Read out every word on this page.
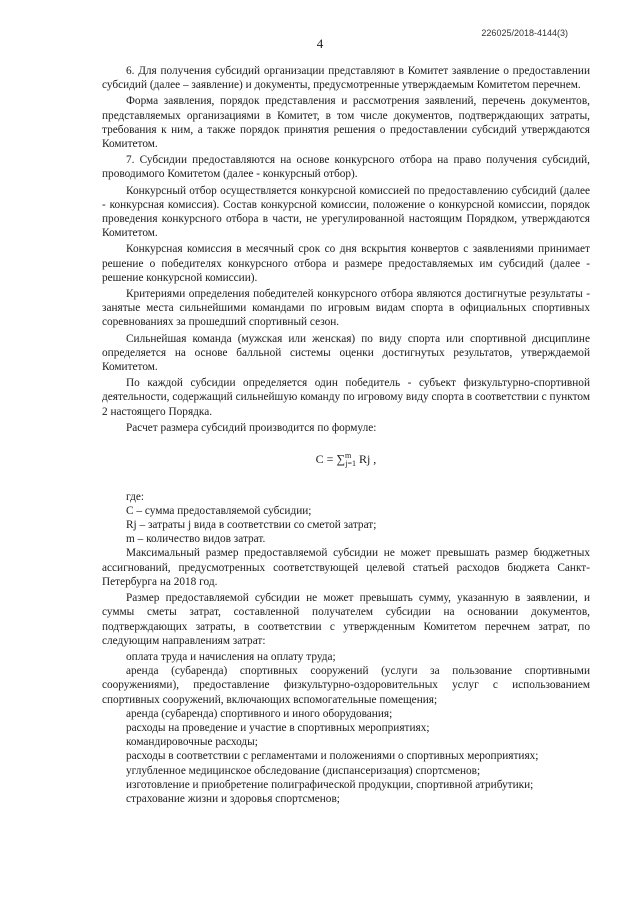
226025/2018-4144(3)
4

6. Для получения субсидий организации представляют в Комитет заявление о предоставлении субсидий (далее – заявление) и документы, предусмотренные утверждаемым Комитетом перечнем.

Форма заявления, порядок представления и рассмотрения заявлений, перечень документов, представляемых организациями в Комитет, в том числе документов, подтверждающих затраты, требования к ним, а также порядок принятия решения о предоставлении субсидий утверждаются Комитетом.

7. Субсидии предоставляются на основе конкурсного отбора на право получения субсидий, проводимого Комитетом (далее - конкурсный отбор).

Конкурсный отбор осуществляется конкурсной комиссией по предоставлению субсидий (далее - конкурсная комиссия). Состав конкурсной комиссии, положение о конкурсной комиссии, порядок проведения конкурсного отбора в части, не урегулированной настоящим Порядком, утверждаются Комитетом.

Конкурсная комиссия в месячный срок со дня вскрытия конвертов с заявлениями принимает решение о победителях конкурсного отбора и размере предоставляемых им субсидий (далее - решение конкурсной комиссии).

Критериями определения победителей конкурсного отбора являются достигнутые результаты - занятые места сильнейшими командами по игровым видам спорта в официальных спортивных соревнованиях за прошедший спортивный сезон.

Сильнейшая команда (мужская или женская) по виду спорта или спортивной дисциплине определяется на основе балльной системы оценки достигнутых результатов, утверждаемой Комитетом.

По каждой субсидии определяется один победитель - субъект физкультурно-спортивной деятельности, содержащий сильнейшую команду по игровому виду спорта в соответствии с пунктом 2 настоящего Порядка.

Расчет размера субсидий производится по формуле:

C = ∑$^m_{j=1}$ Rj ,

где:

C – сумма предоставляемой субсидии;

Rj – затраты j вида в соответствии со сметой затрат;

m – количество видов затрат.

Максимальный размер предоставляемой субсидии не может превышать размер бюджетных ассигнований, предусмотренных соответствующей целевой статьей расходов бюджета Санкт-Петербурга на 2018 год.

Размер предоставляемой субсидии не может превышать сумму, указанную в заявлении, и суммы сметы затрат, составленной получателем субсидии на основании документов, подтверждающих затраты, в соответствии с утвержденным Комитетом перечнем затрат, по следующим направлениям затрат:

оплата труда и начисления на оплату труда;

аренда (субаренда) спортивных сооружений (услуги за пользование спортивными сооружениями), предоставление физкультурно-оздоровительных услуг с использованием спортивных сооружений, включающих вспомогательные помещения;

аренда (субаренда) спортивного и иного оборудования;

расходы на проведение и участие в спортивных мероприятиях;

командировочные расходы;

расходы в соответствии с регламентами и положениями о спортивных мероприятиях;

углубленное медицинское обследование (диспансеризация) спортсменов;

изготовление и приобретение полиграфической продукции, спортивной атрибутики;

страхование жизни и здоровья спортсменов;
